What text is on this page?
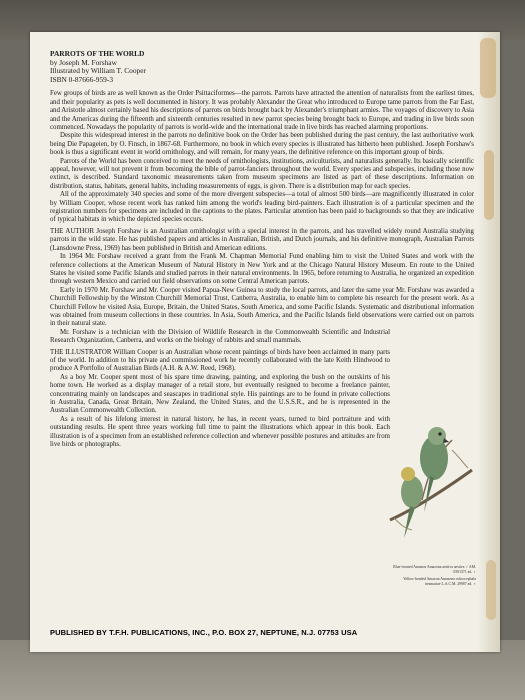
PARROTS OF THE WORLD
by Joseph M. Forshaw
Illustrated by William T. Cooper
ISBN 0-87666-959-3

Few groups of birds are as well known as the Order Psittaciformes—the parrots. Parrots have attracted the attention of naturalists from the earliest times, and their popularity as pets is well documented in history. It was probably Alexander the Great who introduced to Europe tame parrots from the Far East, and Aristotle almost certainly based his descriptions of parrots on birds brought back by Alexander's triumphant armies. The voyages of discovery to Asia and the Americas during the fifteenth and sixteenth centuries resulted in new parrot species being brought back to Europe, and trading in live birds soon commenced. Nowadays the popularity of parrots is world-wide and the international trade in live birds has reached alarming proportions.

Despite this widespread interest in the parrots no definitive book on the Order has been published during the past century, the last authoritative work being Die Papageien, by O. Finsch, in 1867-68. Furthermore, no book in which every species is illustrated has hitherto been published. Joseph Forshaw's book is thus a significant event in world ornithology, and will remain, for many years, the definitive reference on this important group of birds.

Parrots of the World has been conceived to meet the needs of ornithologists, institutions, aviculturists, and naturalists generally. Its basically scientific appeal, however, will not prevent it from becoming the bible of parrot-fanciers throughout the world. Every species and subspecies, including those now extinct, is described. Standard taxonomic measurements taken from museum specimens are listed as part of these descriptions. Information on distribution, status, habitats, general habits, including measurements of eggs, is given. There is a distribution map for each species.

All of the approximately 340 species and some of the more divergent subspecies—a total of almost 500 birds—are magnificently illustrated in color by William Cooper, whose recent work has ranked him among the world's leading bird-painters. Each illustration is of a particular specimen and the registration numbers for specimens are included in the captions to the plates. Particular attention has been paid to backgrounds so that they are indicative of typical habitats in which the depicted species occurs.

THE AUTHOR Joseph Forshaw is an Australian ornithologist with a special interest in the parrots, and has travelled widely round Australia studying parrots in the wild state. He has published papers and articles in Australian, British, and Dutch journals, and his definitive monograph, Australian Parrots (Lansdowne Press, 1969) has been published in British and American editions.

In 1964 Mr. Forshaw received a grant from the Frank M. Chapman Memorial Fund enabling him to visit the United States and work with the reference collections at the American Museum of Natural History in New York and at the Chicago Natural History Museum. En route to the United States he visited some Pacific Islands and studied parrots in their natural environments. In 1965, before returning to Australia, he organized an expedition through western Mexico and carried out field observations on some Central American parrots.

Early in 1970 Mr. Forshaw and Mr. Cooper visited Papua-New Guinea to study the local parrots, and later the same year Mr. Forshaw was awarded a Churchill Fellowship by the Winston Churchill Memorial Trust, Canberra, Australia, to enable him to complete his research for the present work. As a Churchill Fellow he visited Asia, Europe, Britain, the United States, South America, and some Pacific Islands. Systematic and distributional information was obtained from museum collections in these countries. In Asia, South America, and the Pacific Islands field observations were carried out on parrots in their natural state.

Mr. Forshaw is a technician with the Division of Wildlife Research in the Commonwealth Scientific and Industrial Research Organization, Canberra, and works on the biology of rabbits and small mammals.

THE ILLUSTRATOR William Cooper is an Australian whose recent paintings of birds have been acclaimed in many parts of the world. In addition to his private and commissioned work he recently collaborated with the late Keith Hindwood to produce A Portfolio of Australian Birds (A.H. & A.W. Reed, 1968).

As a boy Mr. Cooper spent most of his spare time drawing, painting, and exploring the bush on the outskirts of his home town. He worked as a display manager of a retail store, but eventually resigned to become a freelance painter, concentrating mainly on landscapes and seascapes in traditional style. His paintings are to be found in private collections in Australia, Canada, Great Britain, New Zealand, the United States, and the U.S.S.R., and he is represented in the Australian Commonwealth Collection.

As a result of his lifelong interest in natural history, he has, in recent years, turned to bird portraiture and with outstanding results. He spent three years working full time to paint the illustrations which appear in this book. Each illustration is of a specimen from an established reference collection and whenever possible postures and attitudes are from live birds or photographs.

Blue-fronted Amazon Amazona aestiva aestiva ♂ AM. 0501371 ad. ♀
Yellow-headed Amazon Amazona ochrocephala tresmariae L.A.C.M. 29987 ad. ♀
PUBLISHED BY T.F.H. PUBLICATIONS, INC., P.O. BOX 27, NEPTUNE, N.J. 07753 USA
